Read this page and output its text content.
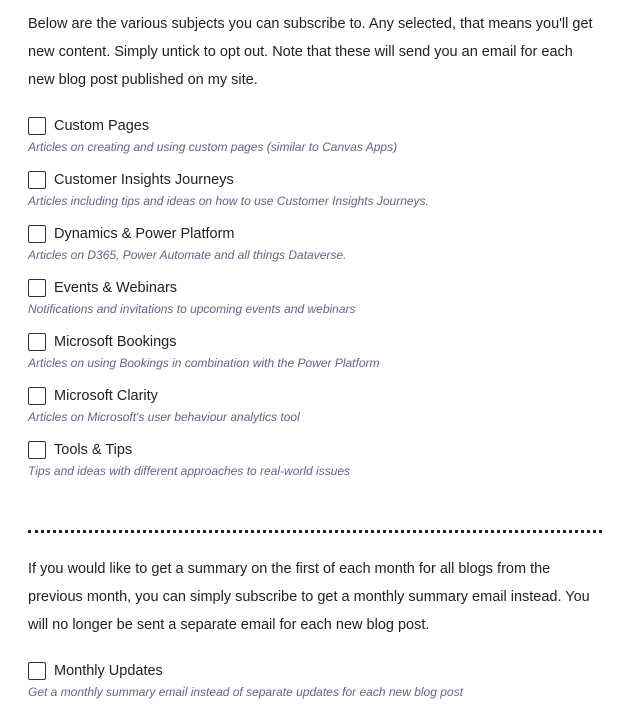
Below are the various subjects you can subscribe to. Any selected, that means you'll get new content. Simply untick to opt out. Note that these will send you an email for each new blog post published on my site.

Custom Pages
Articles on creating and using custom pages (similar to Canvas Apps)
Customer Insights Journeys
Articles including tips and ideas on how to use Customer Insights Journeys.
Dynamics & Power Platform
Articles on D365, Power Automate and all things Dataverse.
Events & Webinars
Notifications and invitations to upcoming events and webinars
Microsoft Bookings
Articles on using Bookings in combination with the Power Platform
Microsoft Clarity
Articles on Microsoft's user behaviour analytics tool
Tools & Tips
Tips and ideas with different approaches to real-world issues

If you would like to get a summary on the first of each month for all blogs from the previous month, you can simply subscribe to get a monthly summary email instead. You will no longer be sent a separate email for each new blog post.

Monthly Updates
Get a monthly summary email instead of separate updates for each new blog post
